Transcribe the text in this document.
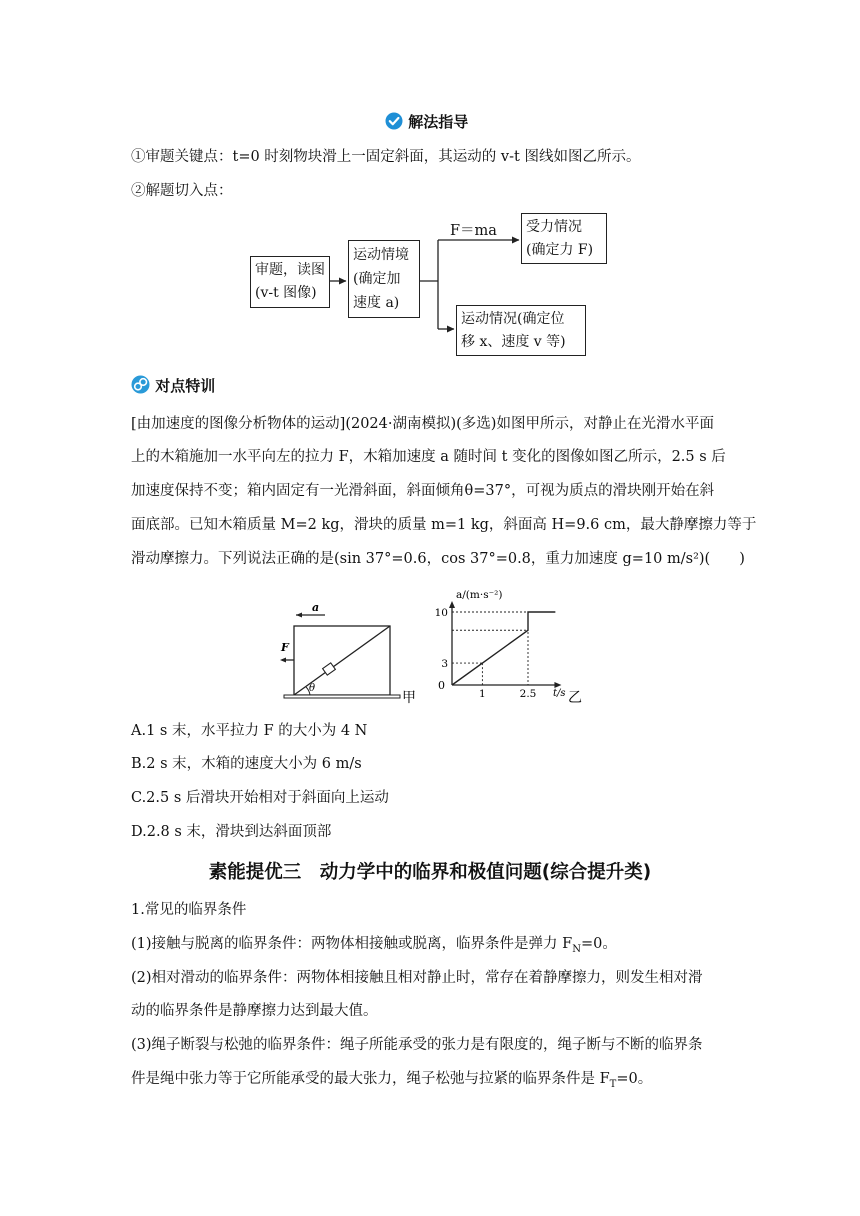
解法指导
①审题关键点：t=0 时刻物块滑上一固定斜面，其运动的 v-t 图线如图乙所示。
②解题切入点：
审题，读图
(v-t 图像)
运动情境
(确定加
速度 a)
受力情况
(确定力 F)
运动情况(确定位
移 x、速度 v 等)
F＝ma
对点特训
[由加速度的图像分析物体的运动](2024·湖南模拟)(多选)如图甲所示，对静止在光滑水平面
上的木箱施加一水平向左的拉力 F，木箱加速度 a 随时间 t 变化的图像如图乙所示，2.5 s 后
加速度保持不变；箱内固定有一光滑斜面，斜面倾角θ=37°，可视为质点的滑块刚开始在斜
面底部。已知木箱质量 M=2 kg，滑块的质量 m=1 kg，斜面高 H=9.6 cm，最大静摩擦力等于
滑动摩擦力。下列说法正确的是(sin 37°=0.6，cos 37°=0.8，重力加速度 g=10 m/s²)(　　)
a
F
θ
甲
a/(m·s⁻²)
t/s
0
1	2.5
3
10
乙
A.1 s 末，水平拉力 F 的大小为 4 N
B.2 s 末，木箱的速度大小为 6 m/s
C.2.5 s 后滑块开始相对于斜面向上运动
D.2.8 s 末，滑块到达斜面顶部
素能提优三　动力学中的临界和极值问题(综合提升类)
1.常见的临界条件
(1)接触与脱离的临界条件：两物体相接触或脱离，临界条件是弹力 $F_N=0$。
(2)相对滑动的临界条件：两物体相接触且相对静止时，常存在着静摩擦力，则发生相对滑
动的临界条件是静摩擦力达到最大值。
(3)绳子断裂与松弛的临界条件：绳子所能承受的张力是有限度的，绳子断与不断的临界条
件是绳中张力等于它所能承受的最大张力，绳子松弛与拉紧的临界条件是 $F_T=0$。
